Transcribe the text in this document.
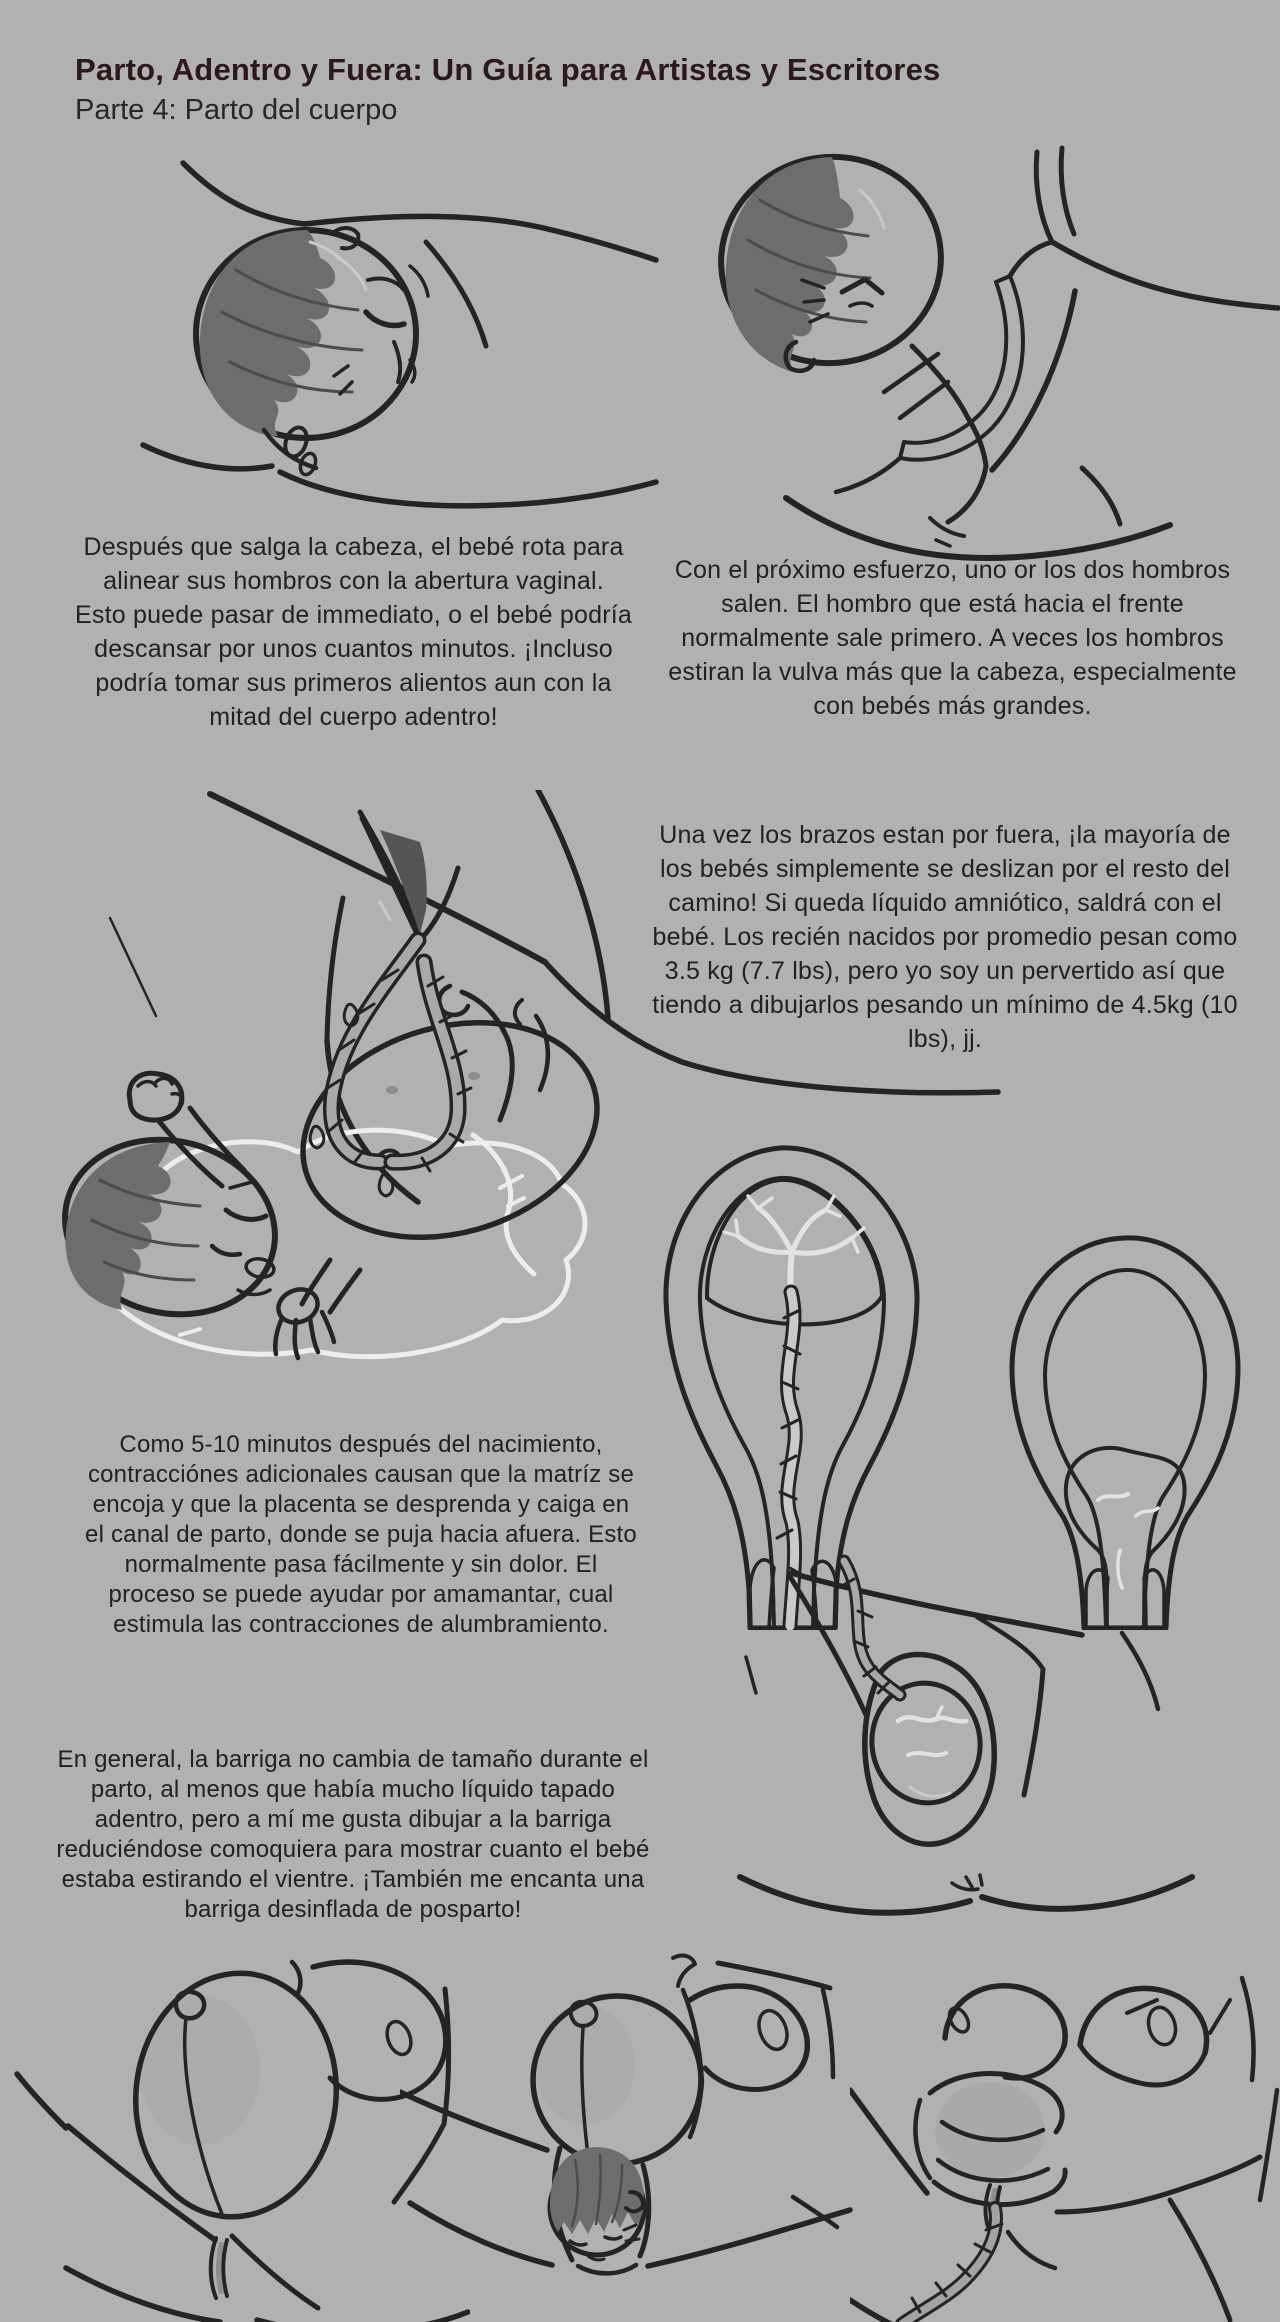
Parto, Adentro y Fuera: Un Guía para Artistas y Escritores
Parte 4: Parto del cuerpo
Después que salga la cabeza, el bebé rota para alinear sus hombros con la abertura vaginal. Esto puede pasar de immediato, o el bebé podría descansar por unos cuantos minutos. ¡Incluso podría tomar sus primeros alientos aun con la mitad del cuerpo adentro!
Con el próximo esfuerzo, uno or los dos hombros salen. El hombro que está hacia el frente normalmente sale primero. A veces los hombros estiran la vulva más que la cabeza, especialmente con bebés más grandes.
Una vez los brazos estan por fuera, ¡la mayoría de los bebés simplemente se deslizan por el resto del camino! Si queda líquido amniótico, saldrá con el bebé. Los recién nacidos por promedio pesan como 3.5 kg (7.7 lbs), pero yo soy un pervertido así que tiendo a dibujarlos pesando un mínimo de 4.5kg (10 lbs), jj.
Como 5-10 minutos después del nacimiento, contracciónes adicionales causan que la matríz se encoja y que la placenta se desprenda y caiga en el canal de parto, donde se puja hacia afuera. Esto normalmente pasa fácilmente y sin dolor. El proceso se puede ayudar por amamantar, cual estimula las contracciones de alumbramiento.
En general, la barriga no cambia de tamaño durante el parto, al menos que había mucho líquido tapado adentro, pero a mí me gusta dibujar a la barriga reduciéndose comoquiera para mostrar cuanto el bebé estaba estirando el vientre. ¡También me encanta una barriga desinflada de posparto!
